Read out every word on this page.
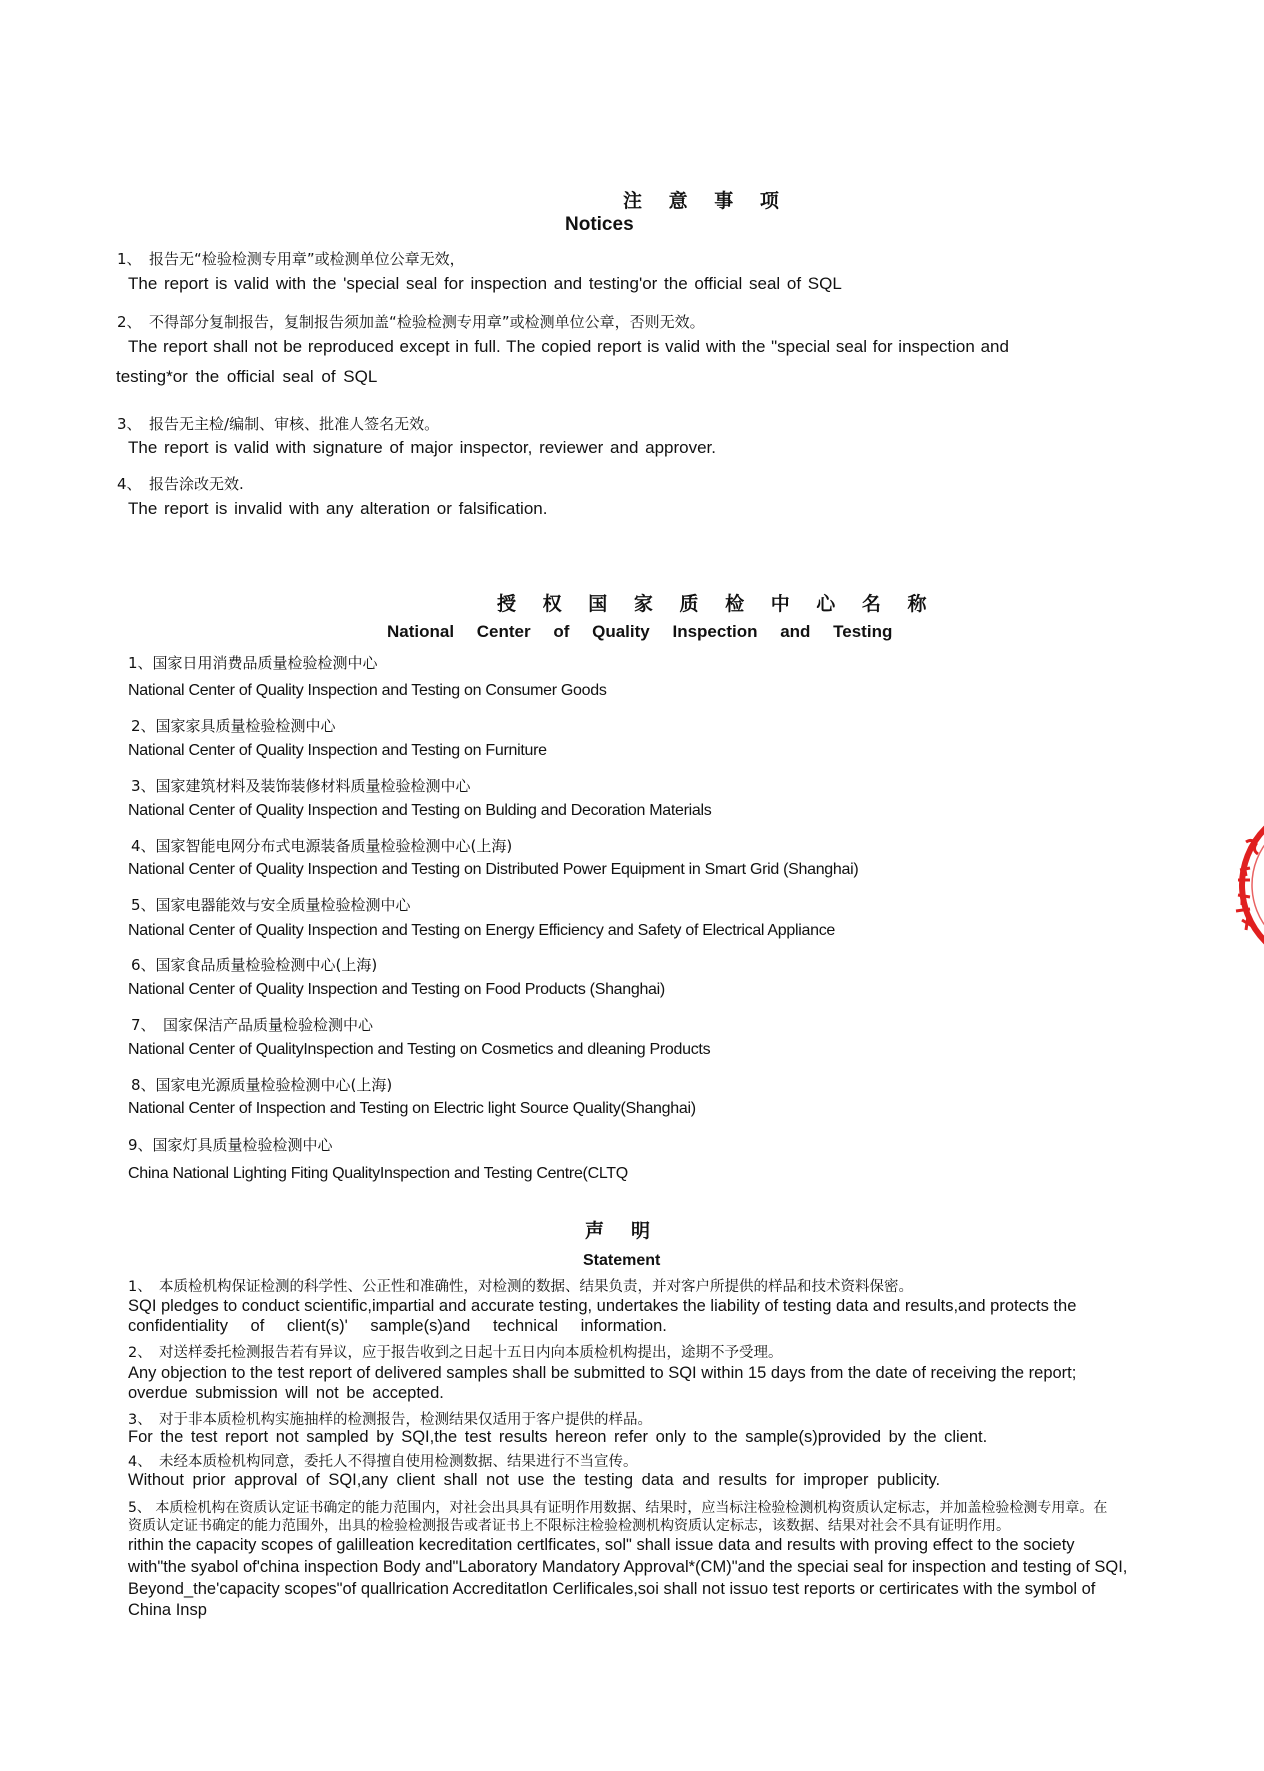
注 意 事 项
Notices
1、　报告无“检验检测专用章”或检测单位公章无效，
The report is valid with the 'special seal for inspection and testing'or the official seal of SQL
2、　不得部分复制报告，复制报告须加盖“检验检测专用章”或检测单位公章，否则无效。
The report shall not be reproduced except in full. The copied report is valid with the "special seal for inspection and
testing*or the official seal of SQL
3、　报告无主检/编制、审核、批准人签名无效。
The report is valid with signature of major inspector, reviewer and approver.
4、　报告涂改无效.
The report is invalid with any alteration or falsification.
授 权 国 家 质 检 中 心 名 称
National Center of Quality Inspection and Testing
1、国家日用消费品质量检验检测中心
National Center of Quality Inspection and Testing on Consumer Goods
2、国家家具质量检验检测中心
National Center of Quality Inspection and Testing on Furniture
3、国家建筑材料及装饰装修材料质量检验检测中心
National Center of Quality Inspection and Testing on Bulding and Decoration Materials
4、国家智能电网分布式电源装备质量检验检测中心(上海)
National Center of Quality Inspection and Testing on Distributed Power Equipment in Smart Grid (Shanghai)
5、国家电器能效与安全质量检验检测中心
National Center of Quality Inspection and Testing on Energy Efficiency and Safety of Electrical Appliance
6、国家食品质量检验检测中心(上海)
National Center of Quality Inspection and Testing on Food Products (Shanghai)
7、　国家保洁产品质量检验检测中心
National Center of QualityInspection and Testing on Cosmetics and dleaning Products
8、国家电光源质量检验检测中心(上海)
National Center of Inspection and Testing on Electric light Source Quality(Shanghai)
9、国家灯具质量检验检测中心
China National Lighting Fiting QualityInspection and Testing Centre(CLTQ
声　明
Statement
1、　本质检机构保证检测的科学性、公正性和准确性，对检测的数据、结果负责，并对客户所提供的样品和技术资料保密。
SQI pledges to conduct scientific,impartial and accurate testing, undertakes the liability of testing data and results,and protects the
confidentiality of client(s)' sample(s)and technical information.
2、　对送样委托检测报告若有异议，应于报告收到之日起十五日内向本质检机构提出，途期不予受理。
Any objection to the test report of delivered samples shall be submitted to SQI within 15 days from the date of receiving the report;
overdue submission will not be accepted.
3、　对于非本质检机构实施抽样的检测报告，检测结果仅适用于客户提供的样品。
For the test report not sampled by SQI,the test results hereon refer only to the sample(s)provided by the client.
4、　未经本质检机构同意，委托人不得擅自使用检测数据、结果进行不当宣传。
Without prior approval of SQI,any client shall not use the testing data and results for improper publicity.
5、 本质检机构在资质认定证书确定的能力范围内，对社会出具具有证明作用数据、结果时，应当标注检验检测机构资质认定标志，并加盖检验检测专用章。在
资质认定证书确定的能力范围外，出具的检验检测报告或者证书上不限标注检验检测机构资质认定标志，该数据、结果对社会不具有证明作用。
rithin the capacity scopes of galilleation kecreditation certlficates, sol" shall issue data and results with proving effect to the society
with"the syabol of'china inspection Body and"Laboratory Mandatory Approval*(CM)"and the speciai seal for inspection and testing of SQI,
Beyond_the'capacity scopes"of quallrication Accreditatlon Cerlificales,soi shall not issuo test reports or certiricates with the symbol of
China Insp
